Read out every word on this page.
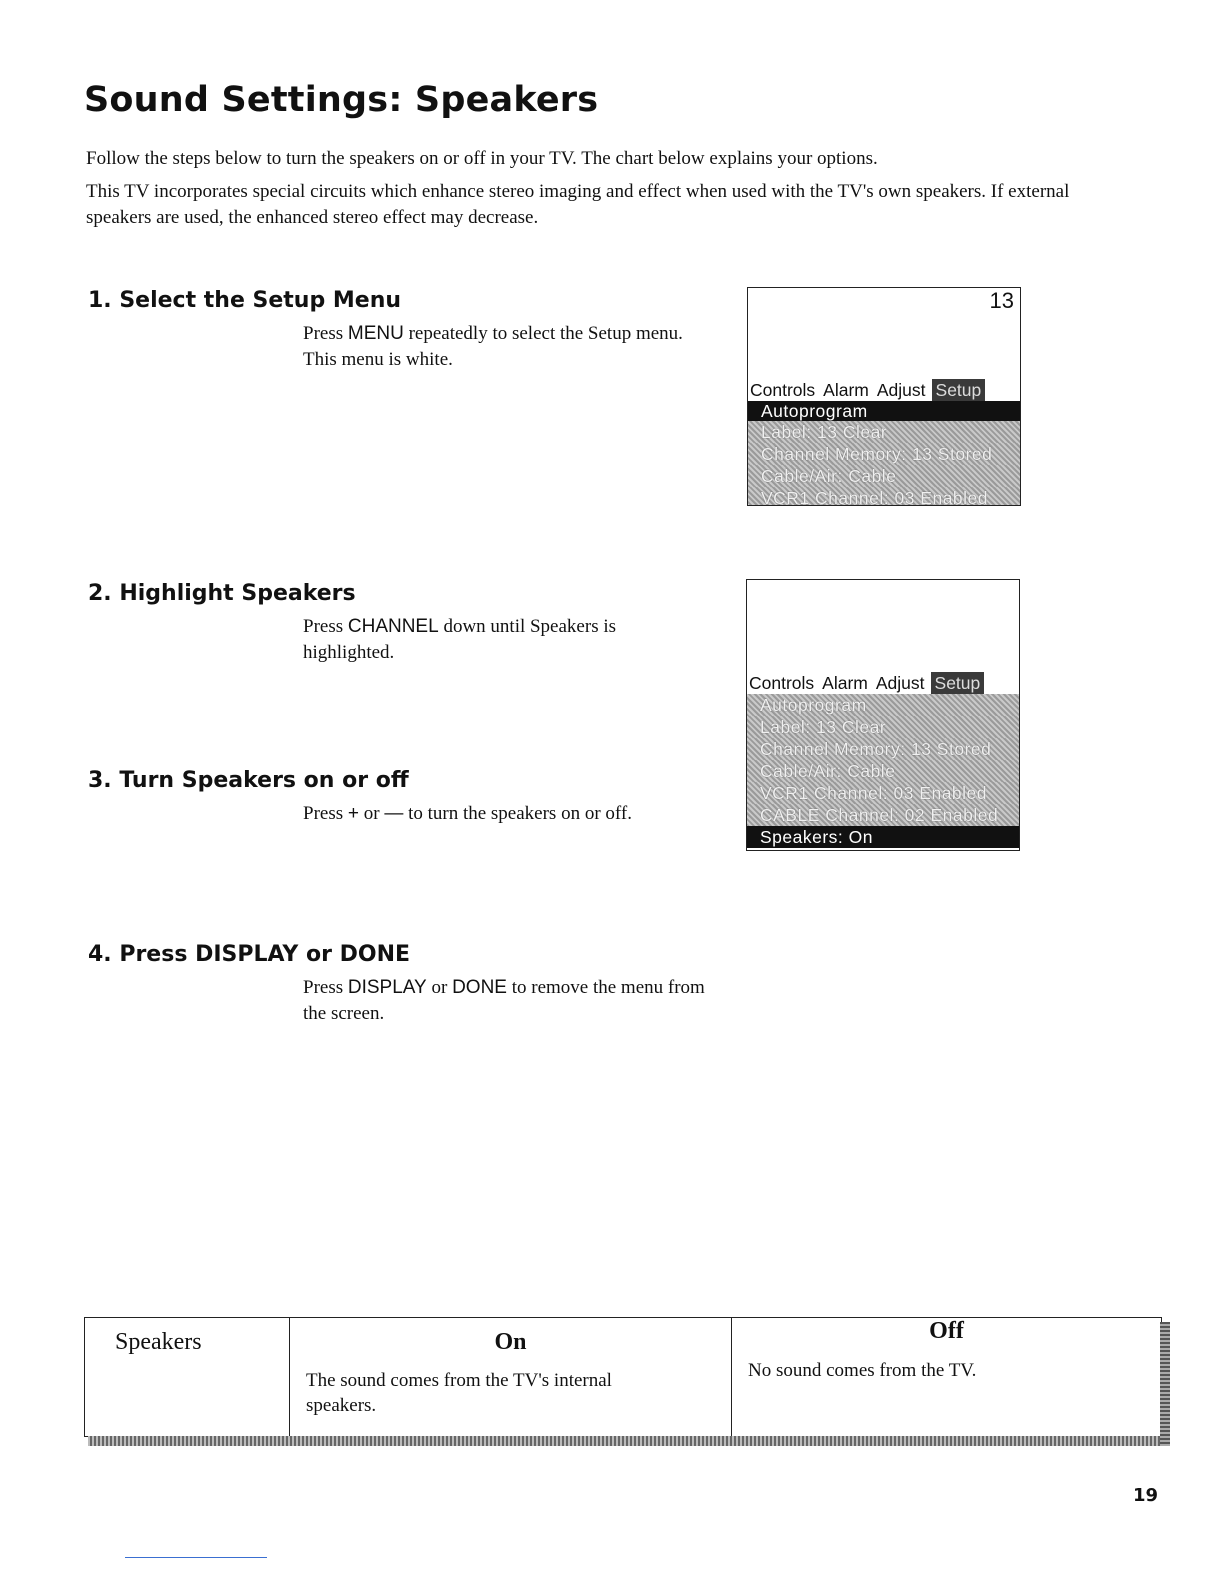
Sound Settings: Speakers

Follow the steps below to turn the speakers on or off in your TV. The chart below explains your options.

This TV incorporates special circuits which enhance stereo imaging and effect when used with the TV's own speakers. If external speakers are used, the enhanced stereo effect may decrease.

1. Select the Setup Menu

Press MENU repeatedly to select the Setup menu. This menu is white.

2. Highlight Speakers

Press CHANNEL down until Speakers is highlighted.

3. Turn Speakers on or off

Press + or — to turn the speakers on or off.

4. Press DISPLAY or DONE

Press DISPLAY or DONE to remove the menu from the screen.

13
Controls Alarm Adjust Setup
Autoprogram
Label: 13 Clear
Channel Memory: 13 Stored
Cable/Air: Cable
VCR1 Channel: 03 Enabled
Controls Alarm Adjust Setup
Autoprogram
Label: 13 Clear
Channel Memory: 13 Stored
Cable/Air: Cable
VCR1 Channel: 03 Enabled
CABLE Channel: 02 Enabled
Speakers: On
Speakers	On
The sound comes from the TV's internal speakers.
Off
No sound comes from the TV.
19
